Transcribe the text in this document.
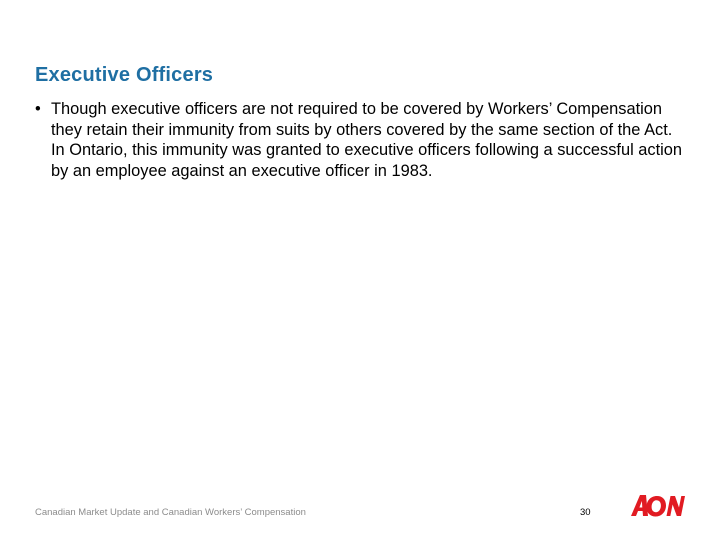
Executive Officers
• Though executive officers are not required to be covered by Workers’ Compensation they retain their immunity from suits by others covered by the same section of the Act. In Ontario, this immunity was granted to executive officers following a successful action by an employee against an executive officer in 1983.
Canadian Market Update and Canadian Workers’ Compensation	30
